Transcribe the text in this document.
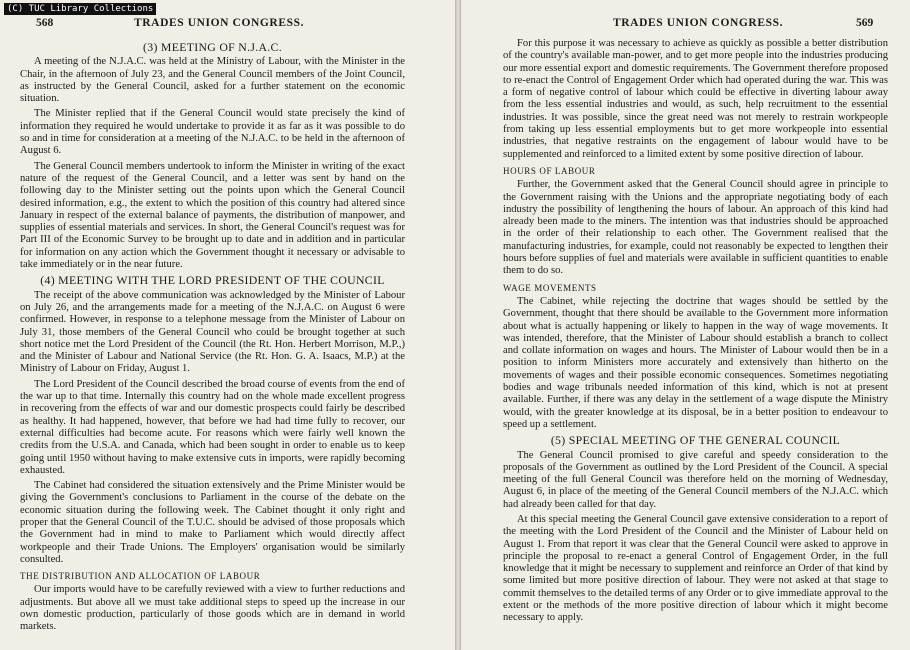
(C) TUC Library Collections
568	TRADES UNION CONGRESS.
(3) MEETING OF N.J.A.C.

A meeting of the N.J.A.C. was held at the Ministry of Labour, with the Minister in the Chair, in the afternoon of July 23, and the General Council members of the Joint Council, as instructed by the General Council, asked for a further statement on the economic situation.

The Minister replied that if the General Council would state precisely the kind of information they required he would undertake to provide it as far as it was possible to do so and in time for consideration at a meeting of the N.J.A.C. to be held in the afternoon of August 6.

The General Council members undertook to inform the Minister in writing of the exact nature of the request of the General Council, and a letter was sent by hand on the following day to the Minister setting out the points upon which the General Council desired information, e.g., the extent to which the position of this country had altered since January in respect of the external balance of payments, the distribution of manpower, and supplies of essential materials and services. In short, the General Council's request was for Part III of the Economic Survey to be brought up to date and in addition and in particular for information on any action which the Government thought it necessary or advisable to take immediately or in the near future.

(4) MEETING WITH THE LORD PRESIDENT OF THE COUNCIL

The receipt of the above communication was acknowledged by the Minister of Labour on July 26, and the arrangements made for a meeting of the N.J.A.C. on August 6 were confirmed. However, in response to a telephone message from the Minister of Labour on July 31, those members of the General Council who could be brought together at such short notice met the Lord President of the Council (the Rt. Hon. Herbert Morrison, M.P.,) and the Minister of Labour and National Service (the Rt. Hon. G. A. Isaacs, M.P.) at the Ministry of Labour on Friday, August 1.

The Lord President of the Council described the broad course of events from the end of the war up to that time. Internally this country had on the whole made excellent progress in recovering from the effects of war and our domestic prospects could fairly be described as healthy. It had happened, however, that before we had had time fully to recover, our external difficulties had become acute. For reasons which were fairly well known the credits from the U.S.A. and Canada, which had been sought in order to enable us to keep going until 1950 without having to make extensive cuts in imports, were rapidly becoming exhausted.

The Cabinet had considered the situation extensively and the Prime Minister would be giving the Government's conclusions to Parliament in the course of the debate on the economic situation during the following week. The Cabinet thought it only right and proper that the General Council of the T.U.C. should be advised of those proposals which the Government had in mind to make to Parliament which would directly affect workpeople and their Trade Unions. The Employers' organisation would be similarly consulted.

THE DISTRIBUTION AND ALLOCATION OF LABOUR

Our imports would have to be carefully reviewed with a view to further reductions and adjustments. But above all we must take additional steps to speed up the increase in our own domestic production, particularly of those goods which are in demand in world markets.

TRADES UNION CONGRESS.	569

For this purpose it was necessary to achieve as quickly as possible a better distribution of the country's available man-power, and to get more people into the industries producing our more essential export and domestic requirements. The Government therefore proposed to re-enact the Control of Engagement Order which had operated during the war. This was a form of negative control of labour which could be effective in diverting labour away from the less essential industries and would, as such, help recruitment to the essential industries. It was possible, since the great need was not merely to restrain workpeople from taking up less essential employments but to get more workpeople into essential industries, that negative restraints on the engagement of labour would have to be supplemented and reinforced to a limited extent by some positive direction of labour.

HOURS OF LABOUR

Further, the Government asked that the General Council should agree in principle to the Government raising with the Unions and the appropriate negotiating body of each industry the possibility of lengthening the hours of labour. An approach of this kind had already been made to the miners. The intention was that industries should be approached in the order of their relationship to each other. The Government realised that the manufacturing industries, for example, could not reasonably be expected to lengthen their hours before supplies of fuel and materials were available in sufficient quantities to enable them to do so.

WAGE MOVEMENTS

The Cabinet, while rejecting the doctrine that wages should be settled by the Government, thought that there should be available to the Government more information about what is actually happening or likely to happen in the way of wage movements. It was intended, therefore, that the Minister of Labour should establish a branch to collect and collate information on wages and hours. The Minister of Labour would then be in a position to inform Ministers more accurately and extensively than hitherto on the movements of wages and their possible economic consequences. Sometimes negotiating bodies and wage tribunals needed information of this kind, which is not at present available. Further, if there was any delay in the settlement of a wage dispute the Ministry would, with the greater knowledge at its disposal, be in a better position to endeavour to speed up a settlement.

(5) SPECIAL MEETING OF THE GENERAL COUNCIL

The General Council promised to give careful and speedy consideration to the proposals of the Government as outlined by the Lord President of the Council. A special meeting of the full General Council was therefore held on the morning of Wednesday, August 6, in place of the meeting of the General Council members of the N.J.A.C. which had already been called for that day.

At this special meeting the General Council gave extensive consideration to a report of the meeting with the Lord President of the Council and the Minister of Labour held on August 1. From that report it was clear that the General Council were asked to approve in principle the proposal to re-enact a general Control of Engagement Order, in the full knowledge that it might be necessary to supplement and reinforce an Order of that kind by some limited but more positive direction of labour. They were not asked at that stage to commit themselves to the detailed terms of any Order or to give immediate approval to the extent or the methods of the more positive direction of labour which it might become necessary to apply.
